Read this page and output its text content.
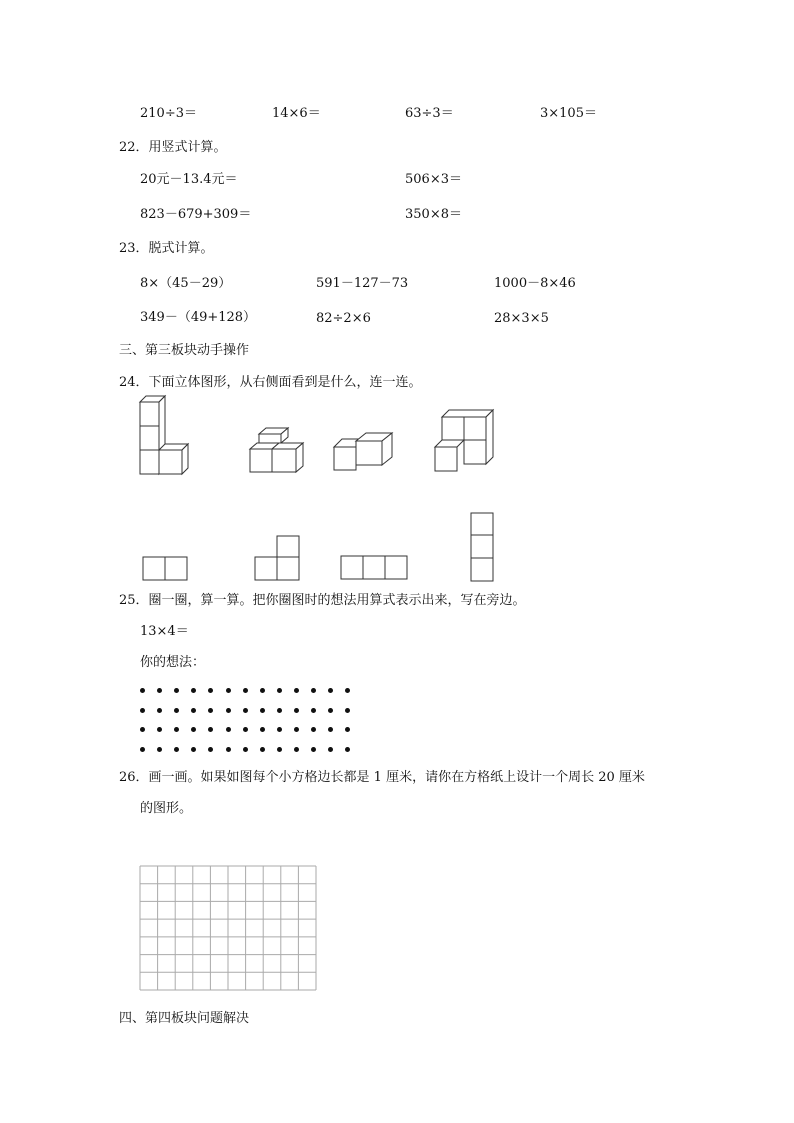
210÷3＝	14×6＝	63÷3＝	3×105＝
22．用竖式计算。
20元－13.4元＝	506×3＝
823－679+309＝	350×8＝
23．脱式计算。
8×（45－29）	591－127－73	1000－8×46
349－（49+128）	82÷2×6	28×3×5
三、第三板块动手操作
24．下面立体图形，从右侧面看到是什么，连一连。
25．圈一圈，算一算。把你圈图时的想法用算式表示出来，写在旁边。
13×4＝
你的想法：
26．画一画。如果如图每个小方格边长都是 1 厘米，请你在方格纸上设计一个周长 20 厘米
的图形。
四、第四板块问题解决
